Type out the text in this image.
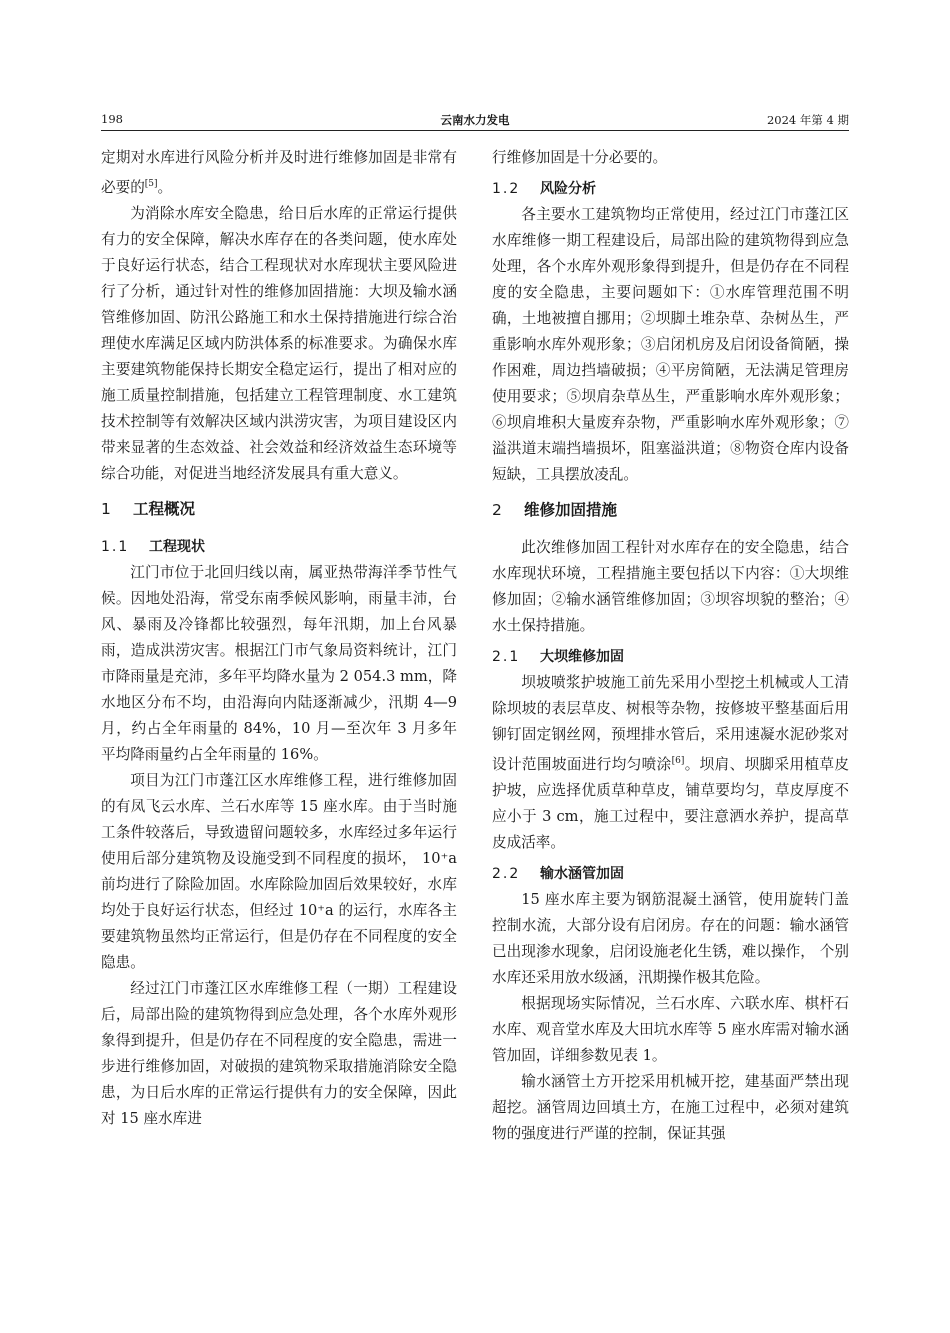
198	云南水力发电	2024 年第 4 期

定期对水库进行风险分析并及时进行维修加固是非常有必要的[5]。

为消除水库安全隐患，给日后水库的正常运行提供有力的安全保障，解决水库存在的各类问题，使水库处于良好运行状态，结合工程现状对水库现状主要风险进行了分析，通过针对性的维修加固措施：大坝及输水涵管维修加固、防汛公路施工和水土保持措施进行综合治理使水库满足区域内防洪体系的标准要求。为确保水库主要建筑物能保持长期安全稳定运行，提出了相对应的施工质量控制措施，包括建立工程管理制度、水工建筑技术控制等有效解决区域内洪涝灾害，为项目建设区内带来显著的生态效益、社会效益和经济效益生态环境等综合功能，对促进当地经济发展具有重大意义。

1 工程概况
1.1 工程现状

江门市位于北回归线以南，属亚热带海洋季节性气候。因地处沿海，常受东南季候风影响，雨量丰沛，台风、暴雨及冷锋都比较强烈，每年汛期，加上台风暴雨，造成洪涝灾害。根据江门市气象局资料统计，江门市降雨量是充沛，多年平均降水量为 2 054.3 mm，降水地区分布不均，由沿海向内陆逐渐减少，汛期 4—9 月，约占全年雨量的 84%，10 月—至次年 3 月多年平均降雨量约占全年雨量的 16%。

项目为江门市蓬江区水库维修工程，进行维修加固的有凤飞云水库、兰石水库等 15 座水库。由于当时施工条件较落后，导致遗留问题较多，水库经过多年运行使用后部分建筑物及设施受到不同程度的损坏， 10⁺a 前均进行了除险加固。水库除险加固后效果较好，水库均处于良好运行状态，但经过 10⁺a 的运行，水库各主要建筑物虽然均正常运行，但是仍存在不同程度的安全隐患。

经过江门市蓬江区水库维修工程（一期）工程建设后，局部出险的建筑物得到应急处理，各个水库外观形象得到提升，但是仍存在不同程度的安全隐患，需进一步进行维修加固，对破损的建筑物采取措施消除安全隐患，为日后水库的正常运行提供有力的安全保障，因此对 15 座水库进

行维修加固是十分必要的。

1.2 风险分析

各主要水工建筑物均正常使用，经过江门市蓬江区水库维修一期工程建设后，局部出险的建筑物得到应急处理，各个水库外观形象得到提升，但是仍存在不同程度的安全隐患，主要问题如下：①水库管理范围不明确，土地被擅自挪用；②坝脚土堆杂草、杂树丛生，严重影响水库外观形象；③启闭机房及启闭设备简陋，操作困难，周边挡墙破损；④平房简陋，无法满足管理房使用要求；⑤坝肩杂草丛生，严重影响水库外观形象；⑥坝肩堆积大量废弃杂物，严重影响水库外观形象；⑦溢洪道末端挡墙损坏，阻塞溢洪道；⑧物资仓库内设备短缺，工具摆放凌乱。

2 维修加固措施

此次维修加固工程针对水库存在的安全隐患，结合水库现状环境，工程措施主要包括以下内容：①大坝维修加固；②输水涵管维修加固；③坝容坝貌的整治；④水土保持措施。

2.1 大坝维修加固

坝坡喷浆护坡施工前先采用小型挖土机械或人工清除坝坡的表层草皮、树根等杂物，按修坡平整基面后用铆钉固定钢丝网，预埋排水管后，采用速凝水泥砂浆对设计范围坡面进行均匀喷涂[6]。坝肩、坝脚采用植草皮护坡，应选择优质草种草皮，铺草要均匀，草皮厚度不应小于 3 cm，施工过程中，要注意洒水养护，提高草皮成活率。

2.2 输水涵管加固

15 座水库主要为钢筋混凝土涵管，使用旋转门盖控制水流，大部分设有启闭房。存在的问题：输水涵管已出现渗水现象，启闭设施老化生锈，难以操作， 个别水库还采用放水级涵，汛期操作极其危险。

根据现场实际情况，兰石水库、六联水库、棋杆石水库、观音堂水库及大田坑水库等 5 座水库需对输水涵管加固，详细参数见表 1。

输水涵管土方开挖采用机械开挖，建基面严禁出现超挖。涵管周边回填土方，在施工过程中，必须对建筑物的强度进行严谨的控制，保证其强
